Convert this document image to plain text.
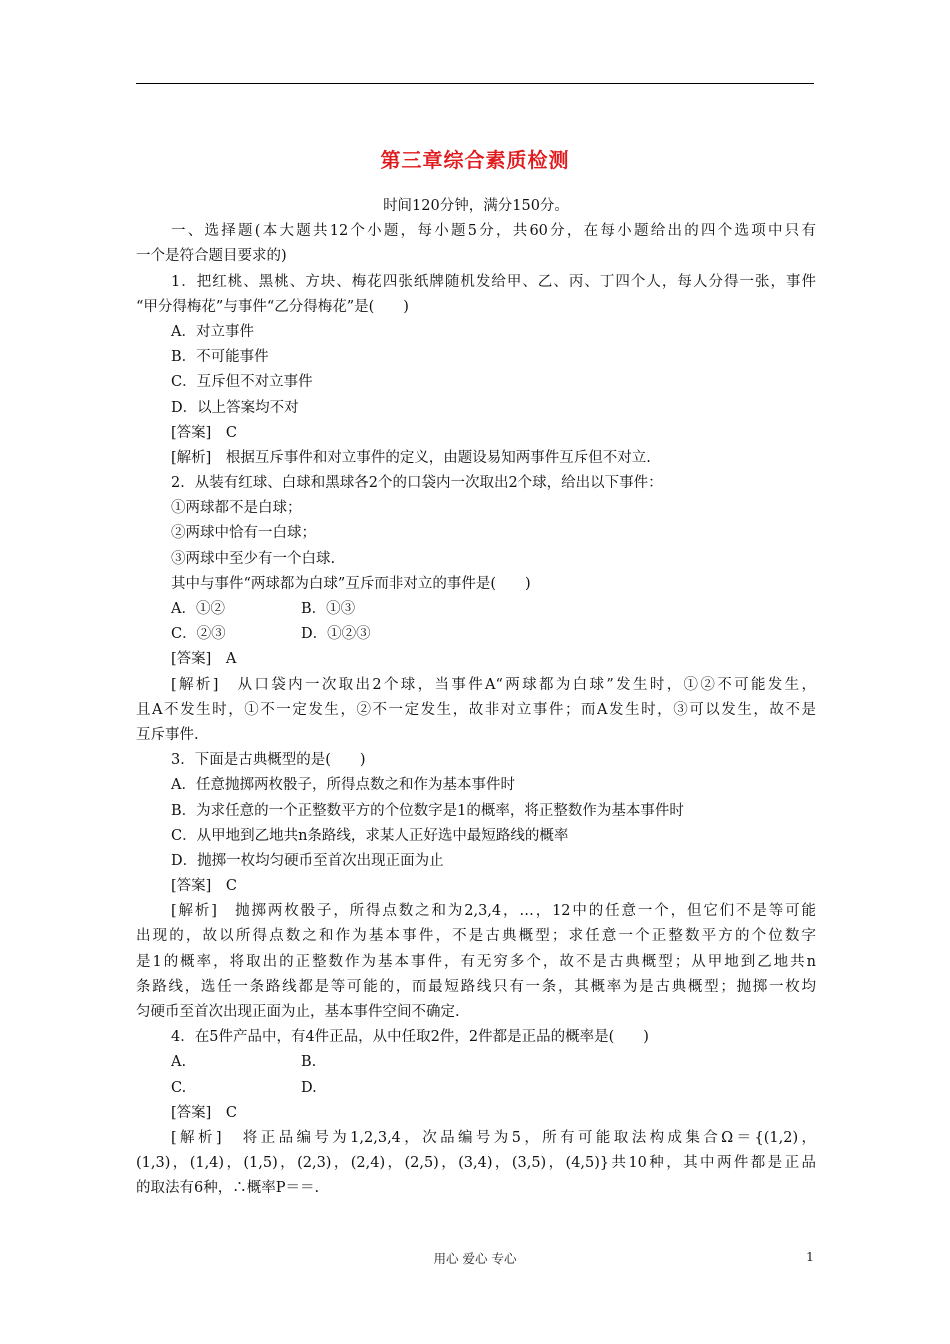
第三章综合素质检测
时间120分钟，满分150分。
一、选择题(本大题共12个小题，每小题5分，共60分，在每小题给出的四个选项中只有
一个是符合题目要求的)
1．把红桃、黑桃、方块、梅花四张纸牌随机发给甲、乙、丙、丁四个人，每人分得一张，事件
“甲分得梅花”与事件“乙分得梅花”是(　　)
A．对立事件
B．不可能事件
C．互斥但不对立事件
D．以上答案均不对
[答案]　C
[解析]　根据互斥事件和对立事件的定义，由题设易知两事件互斥但不对立.
2．从装有红球、白球和黑球各2个的口袋内一次取出2个球，给出以下事件：
①两球都不是白球；
②两球中恰有一白球；
③两球中至少有一个白球.
其中与事件“两球都为白球”互斥而非对立的事件是(　　)
A．①②	B．①③
C．②③	D．①②③
[答案]　A
[解析]　从口袋内一次取出2个球，当事件A“两球都为白球”发生时，①②不可能发生，
且A不发生时，①不一定发生，②不一定发生，故非对立事件；而A发生时，③可以发生，故不是
互斥事件.
3．下面是古典概型的是(　　)
A．任意抛掷两枚骰子，所得点数之和作为基本事件时
B．为求任意的一个正整数平方的个位数字是1的概率，将正整数作为基本事件时
C．从甲地到乙地共n条路线，求某人正好选中最短路线的概率
D．抛掷一枚均匀硬币至首次出现正面为止
[答案]　C
[解析]　抛掷两枚骰子，所得点数之和为2,3,4，…，12中的任意一个，但它们不是等可能
出现的，故以所得点数之和作为基本事件，不是古典概型；求任意一个正整数平方的个位数字
是1的概率，将取出的正整数作为基本事件，有无穷多个，故不是古典概型；从甲地到乙地共n
条路线，选任一条路线都是等可能的，而最短路线只有一条，其概率为是古典概型；抛掷一枚均
匀硬币至首次出现正面为止，基本事件空间不确定.
4．在5件产品中，有4件正品，从中任取2件，2件都是正品的概率是(　　)
A.	B.
C.	D.
[答案]　C
[解析]　将正品编号为1,2,3,4，次品编号为5，所有可能取法构成集合Ω＝{(1,2)，
(1,3)，(1,4)，(1,5)，(2,3)，(2,4)，(2,5)，(3,4)，(3,5)，(4,5)}共10种，其中两件都是正品
的取法有6种，∴概率P＝＝.
用心 爱心 专心	1
